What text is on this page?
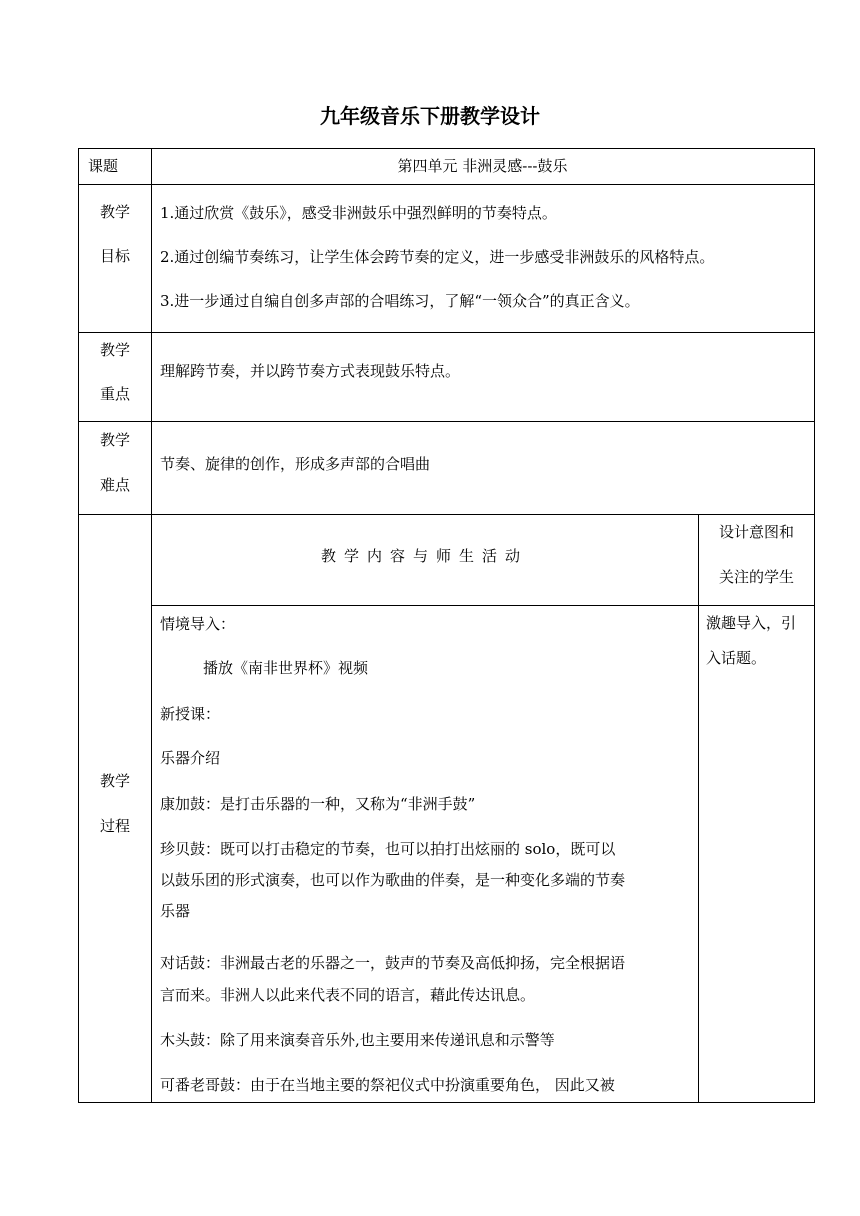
九年级音乐下册教学设计
课题	第四单元 非洲灵感---鼓乐
教学
目标
1.通过欣赏《鼓乐》，感受非洲鼓乐中强烈鲜明的节奏特点。
2.通过创编节奏练习，让学生体会跨节奏的定义，进一步感受非洲鼓乐的风格特点。
3.进一步通过自编自创多声部的合唱练习，了解“一领众合”的真正含义。
教学
重点
理解跨节奏，并以跨节奏方式表现鼓乐特点。
教学
难点
节奏、旋律的创作，形成多声部的合唱曲
教学
过程
教学内容与师生活动
设计意图和
关注的学生
激趣导入，引
入话题。
情境导入：
播放《南非世界杯》视频
新授课：
乐器介绍
康加鼓：是打击乐器的一种，又称为“非洲手鼓”
珍贝鼓：既可以打击稳定的节奏，也可以拍打出炫丽的 solo，既可以
以鼓乐团的形式演奏，也可以作为歌曲的伴奏，是一种变化多端的节奏
乐器
对话鼓：非洲最古老的乐器之一，鼓声的节奏及高低抑扬，完全根据语
言而来。非洲人以此来代表不同的语言，藉此传达讯息。
木头鼓：除了用来演奏音乐外,也主要用来传递讯息和示警等
可番老哥鼓：由于在当地主要的祭祀仪式中扮演重要角色， 因此又被
